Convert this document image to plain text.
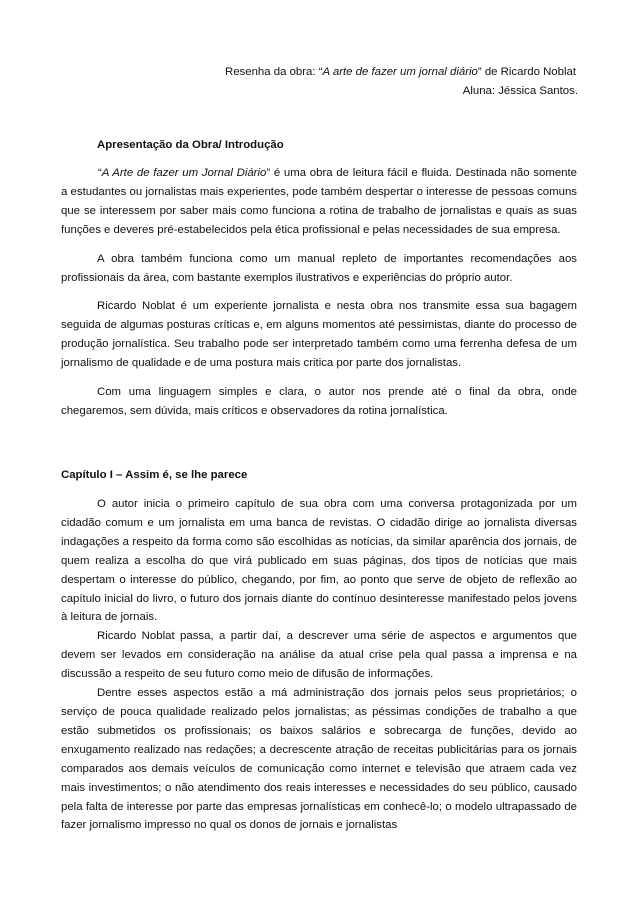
Resenha da obra: “A arte de fazer um jornal diário” de Ricardo Noblat
Aluna: Jéssica Santos.
Apresentação da Obra/ Introdução

“A Arte de fazer um Jornal Diário” é uma obra de leitura fácil e fluida. Destinada não somente a estudantes ou jornalistas mais experientes, pode também despertar o interesse de pessoas comuns que se interessem por saber mais como funciona a rotina de trabalho de jornalistas e quais as suas funções e deveres pré-estabelecidos pela ética profissional e pelas necessidades de sua empresa.

A obra também funciona como um manual repleto de importantes recomendações aos profissionais da área, com bastante exemplos ilustrativos e experiências do próprio autor.

Ricardo Noblat é um experiente jornalista e nesta obra nos transmite essa sua bagagem seguida de algumas posturas críticas e, em alguns momentos até pessimistas, diante do processo de produção jornalística. Seu trabalho pode ser interpretado também como uma ferrenha defesa de um jornalismo de qualidade e de uma postura mais critica por parte dos jornalistas.

Com uma linguagem simples e clara, o autor nos prende até o final da obra, onde chegaremos, sem dúvida, mais críticos e observadores da rotina jornalística.

Capítulo I – Assim é, se lhe parece

O autor inicia o primeiro capítulo de sua obra com uma conversa protagonizada por um cidadão comum e um jornalista em uma banca de revistas. O cidadão dirige ao jornalista diversas indagações a respeito da forma como são escolhidas as notícias, da similar aparência dos jornais, de quem realiza a escolha do que virá publicado em suas páginas, dos tipos de notícias que mais despertam o interesse do público, chegando, por fim, ao ponto que serve de objeto de reflexão ao capítulo inicial do livro, o futuro dos jornais diante do contínuo desinteresse manifestado pelos jovens à leitura de jornais.

Ricardo Noblat passa, a partir daí, a descrever uma série de aspectos e argumentos que devem ser levados em consideração na análise da atual crise pela qual passa a imprensa e na discussão a respeito de seu futuro como meio de difusão de informações.

Dentre esses aspectos estão a má administração dos jornais pelos seus proprietários; o serviço de pouca qualidade realizado pelos jornalistas; as péssimas condições de trabalho a que estão submetidos os profissionais; os baixos salários e sobrecarga de funções, devido ao enxugamento realizado nas redações; a decrescente atração de receitas publicitárias para os jornais comparados aos demais veículos de comunicação como internet e televisão que atraem cada vez mais investimentos; o não atendimento dos reais interesses e necessidades do seu público, causado pela falta de interesse por parte das empresas jornalísticas em conhecê-lo; o modelo ultrapassado de fazer jornalismo impresso no qual os donos de jornais e jornalistas
